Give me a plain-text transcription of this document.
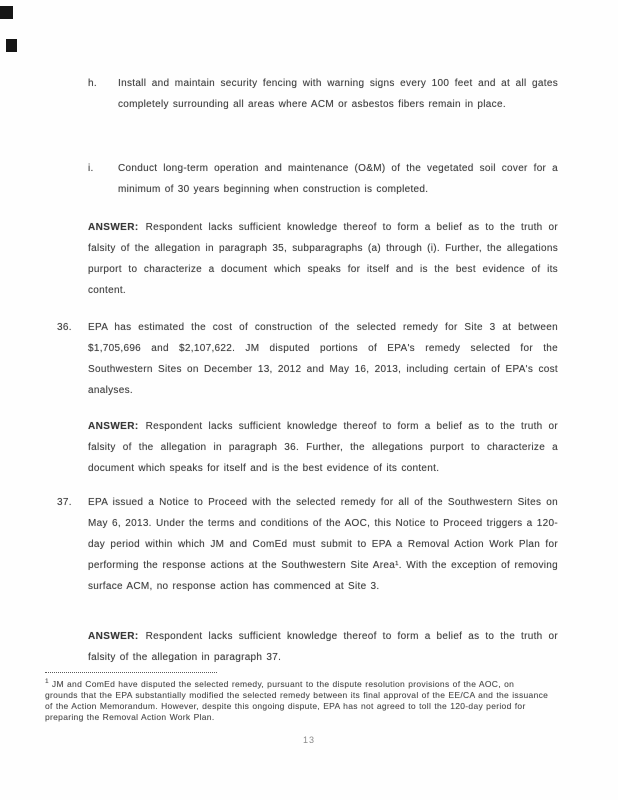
h.	Install and maintain security fencing with warning signs every 100 feet and at all gates completely surrounding all areas where ACM or asbestos fibers remain in place.
i.	Conduct long-term operation and maintenance (O&M) of the vegetated soil cover for a minimum of 30 years beginning when construction is completed.
ANSWER: Respondent lacks sufficient knowledge thereof to form a belief as to the truth or falsity of the allegation in paragraph 35, subparagraphs (a) through (i). Further, the allegations purport to characterize a document which speaks for itself and is the best evidence of its content.
36.	EPA has estimated the cost of construction of the selected remedy for Site 3 at between $1,705,696 and $2,107,622. JM disputed portions of EPA's remedy selected for the Southwestern Sites on December 13, 2012 and May 16, 2013, including certain of EPA's cost analyses.
ANSWER: Respondent lacks sufficient knowledge thereof to form a belief as to the truth or falsity of the allegation in paragraph 36. Further, the allegations purport to characterize a document which speaks for itself and is the best evidence of its content.
37.	EPA issued a Notice to Proceed with the selected remedy for all of the Southwestern Sites on May 6, 2013. Under the terms and conditions of the AOC, this Notice to Proceed triggers a 120-day period within which JM and ComEd must submit to EPA a Removal Action Work Plan for performing the response actions at the Southwestern Site Area¹. With the exception of removing surface ACM, no response action has commenced at Site 3.
ANSWER: Respondent lacks sufficient knowledge thereof to form a belief as to the truth or falsity of the allegation in paragraph 37.
$^1$ JM and ComEd have disputed the selected remedy, pursuant to the dispute resolution provisions of the AOC, on grounds that the EPA substantially modified the selected remedy between its final approval of the EE/CA and the issuance of the Action Memorandum. However, despite this ongoing dispute, EPA has not agreed to toll the 120-day period for preparing the Removal Action Work Plan.
13
